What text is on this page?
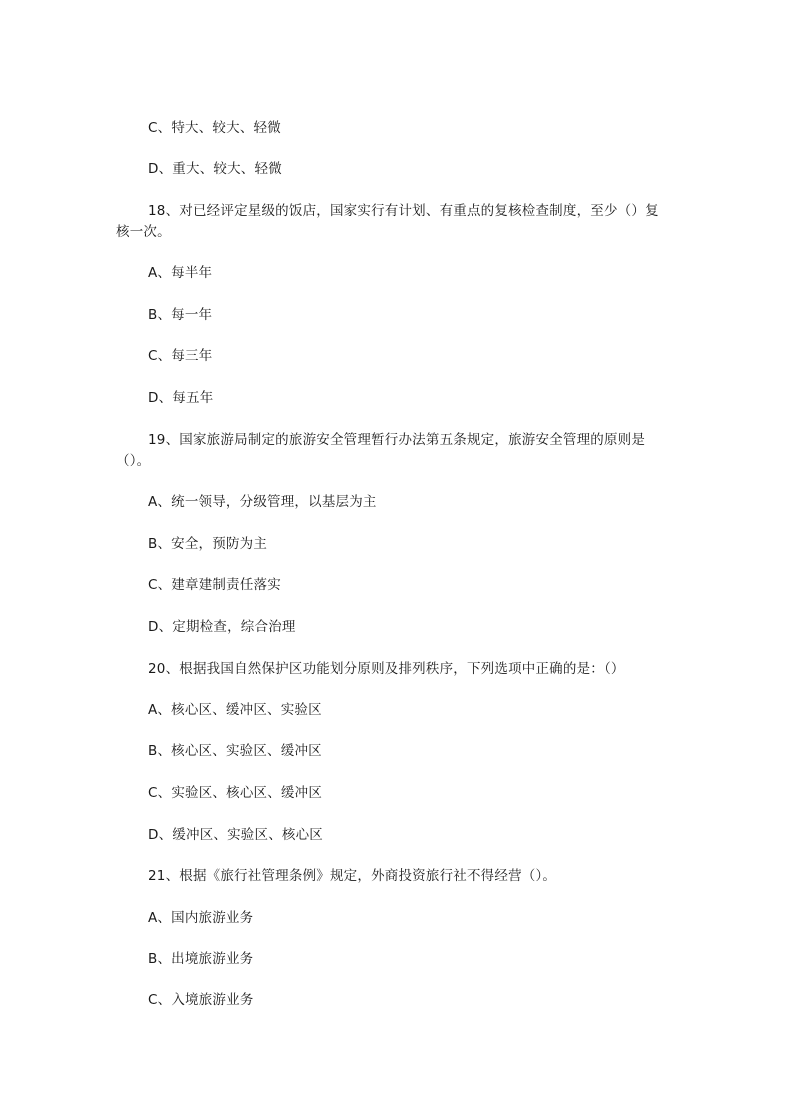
C、特大、较大、轻微
D、重大、较大、轻微
18、对已经评定星级的饭店，国家实行有计划、有重点的复核检查制度，至少（）复
核一次。
A、每半年
B、每一年
C、每三年
D、每五年
19、国家旅游局制定的旅游安全管理暂行办法第五条规定，旅游安全管理的原则是
（）。
A、统一领导，分级管理，以基层为主
B、安全，预防为主
C、建章建制责任落实
D、定期检查，综合治理
20、根据我国自然保护区功能划分原则及排列秩序，下列选项中正确的是：（）
A、核心区、缓冲区、实验区
B、核心区、实验区、缓冲区
C、实验区、核心区、缓冲区
D、缓冲区、实验区、核心区
21、根据《旅行社管理条例》规定，外商投资旅行社不得经营（）。
A、国内旅游业务
B、出境旅游业务
C、入境旅游业务
